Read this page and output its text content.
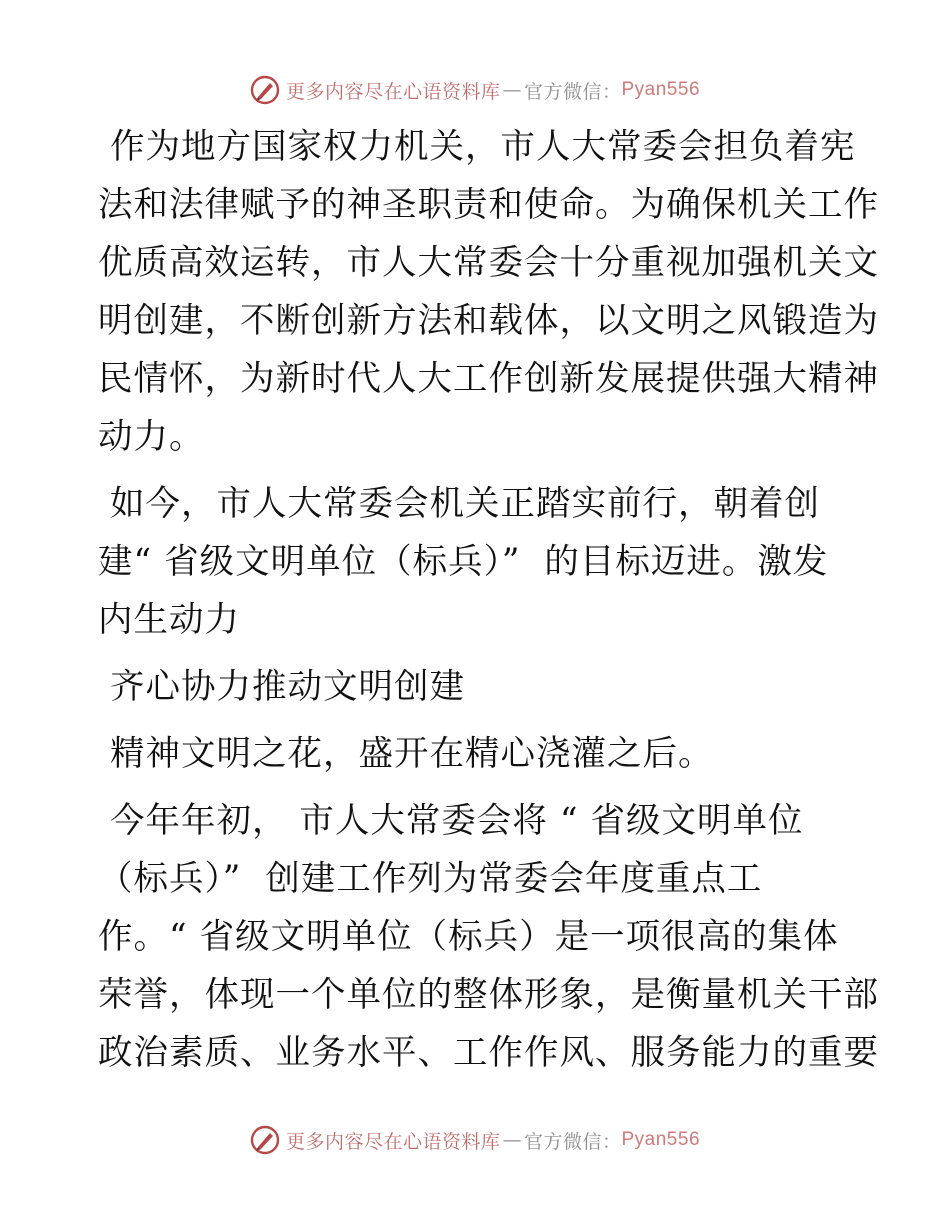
更多内容尽在心语资料库 — 官方微信： Pyan556

作为地方国家权力机关，市人大常委会担负着宪
法和法律赋予的神圣职责和使命。为确保机关工作
优质高效运转，市人大常委会十分重视加强机关文
明创建，不断创新方法和载体，以文明之风锻造为
民情怀，为新时代人大工作创新发展提供强大精神
动力。

如今，市人大常委会机关正踏实前行，朝着创
建“ 省级文明单位（标兵）”  的目标迈进。激发
内生动力

齐心协力推动文明创建

精神文明之花，盛开在精心浇灌之后。

今年年初， 市人大常委会将 “ 省级文明单位
（标兵）”  创建工作列为常委会年度重点工
作。“ 省级文明单位（标兵）是一项很高的集体
荣誉，体现一个单位的整体形象，是衡量机关干部
政治素质、业务水平、工作作风、服务能力的重要

更多内容尽在心语资料库 — 官方微信： Pyan556
